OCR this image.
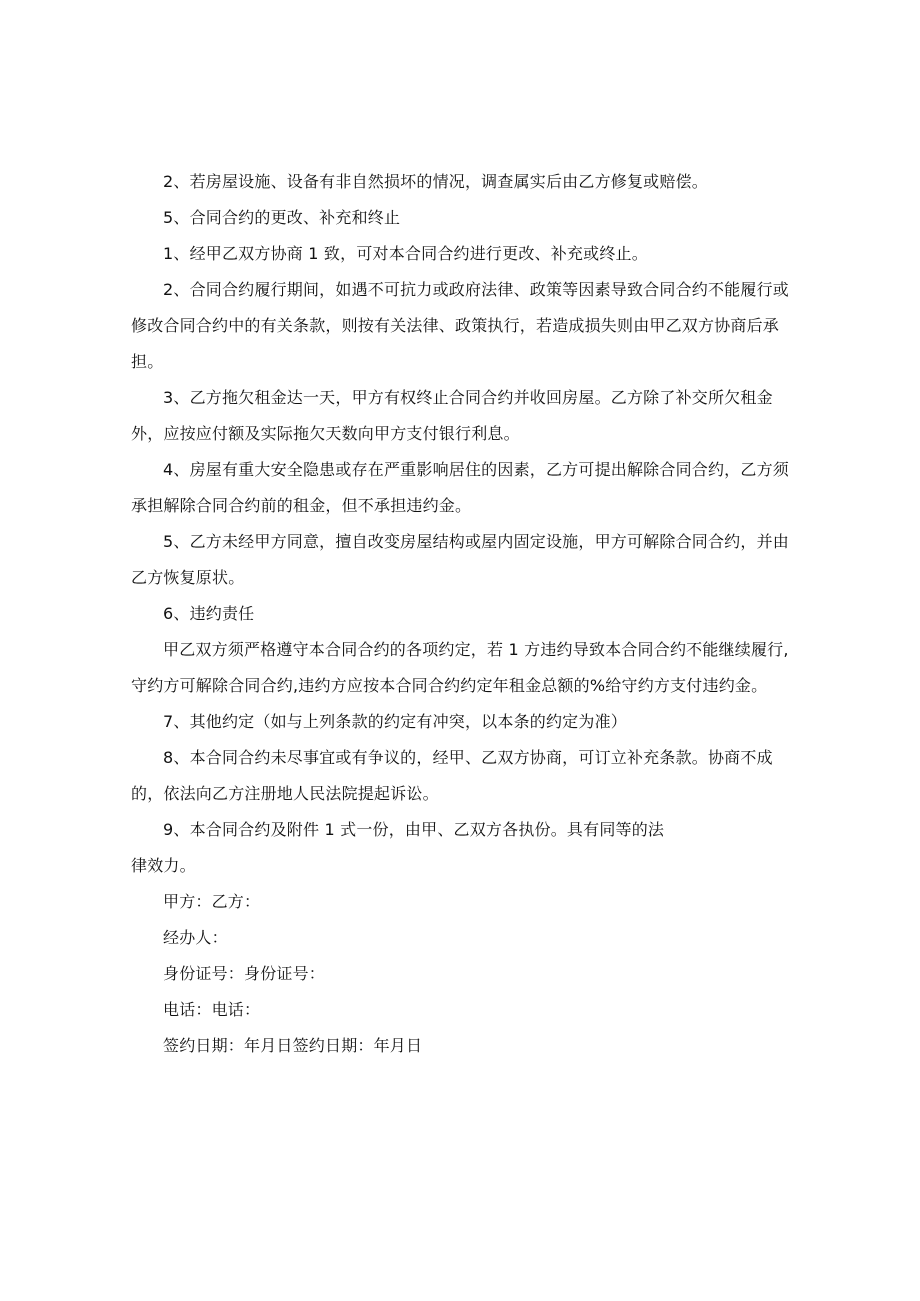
2、若房屋设施、设备有非自然损坏的情况，调查属实后由乙方修复或赔偿。

5、合同合约的更改、补充和终止

1、经甲乙双方协商 1 致，可对本合同合约进行更改、补充或终止。

2、合同合约履行期间，如遇不可抗力或政府法律、政策等因素导致合同合约不能履行或修改合同合约中的有关条款，则按有关法律、政策执行，若造成损失则由甲乙双方协商后承担。

3、乙方拖欠租金达一天，甲方有权终止合同合约并收回房屋。乙方除了补交所欠租金外，应按应付额及实际拖欠天数向甲方支付银行利息。

4、房屋有重大安全隐患或存在严重影响居住的因素，乙方可提出解除合同合约，乙方须承担解除合同合约前的租金，但不承担违约金。

5、乙方未经甲方同意，擅自改变房屋结构或屋内固定设施，甲方可解除合同合约，并由乙方恢复原状。

6、违约责任

甲乙双方须严格遵守本合同合约的各项约定，若 1 方违约导致本合同合约不能继续履行,守约方可解除合同合约,违约方应按本合同合约约定年租金总额的%给守约方支付违约金。

7、其他约定（如与上列条款的约定有冲突，以本条的约定为准）

8、本合同合约未尽事宜或有争议的，经甲、乙双方协商，可订立补充条款。协商不成的，依法向乙方注册地人民法院提起诉讼。

9、本合同合约及附件 1 式一份，由甲、乙双方各执份。具有同等的法

律效力。

甲方：乙方：

经办人：

身份证号：身份证号：

电话：电话：

签约日期：年月日签约日期：年月日
